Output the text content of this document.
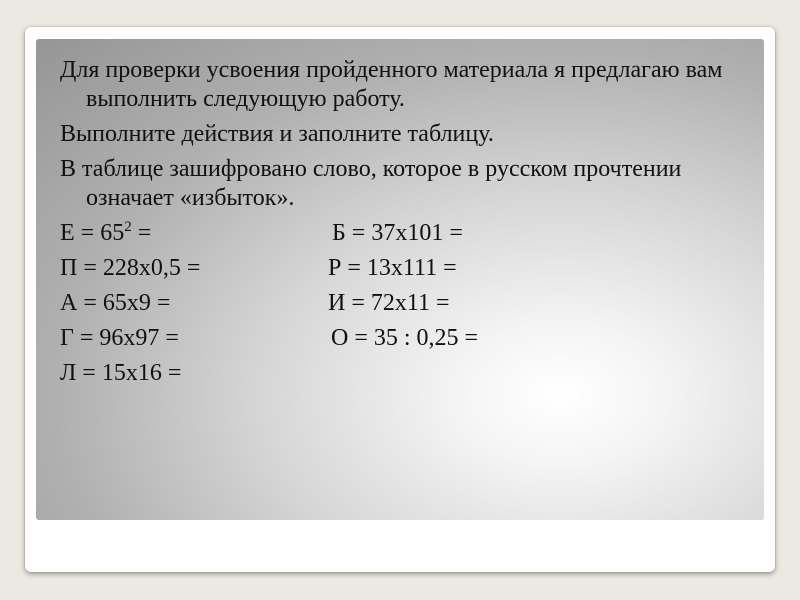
Для проверки усвоения пройденного материала я предлагаю вам выполнить следующую работу.

Выполните действия и заполните таблицу.

В таблице зашифровано слово, которое в русском прочтении означает «избыток».

$Е = 65^2$ =	Б = 37х101 =
П = 228х0,5 =	Р = 13х111 =
А = 65х9 =	И = 72х11 =
Г = 96х97 =	О = 35 : 0,25 =
Л = 15х16 =
